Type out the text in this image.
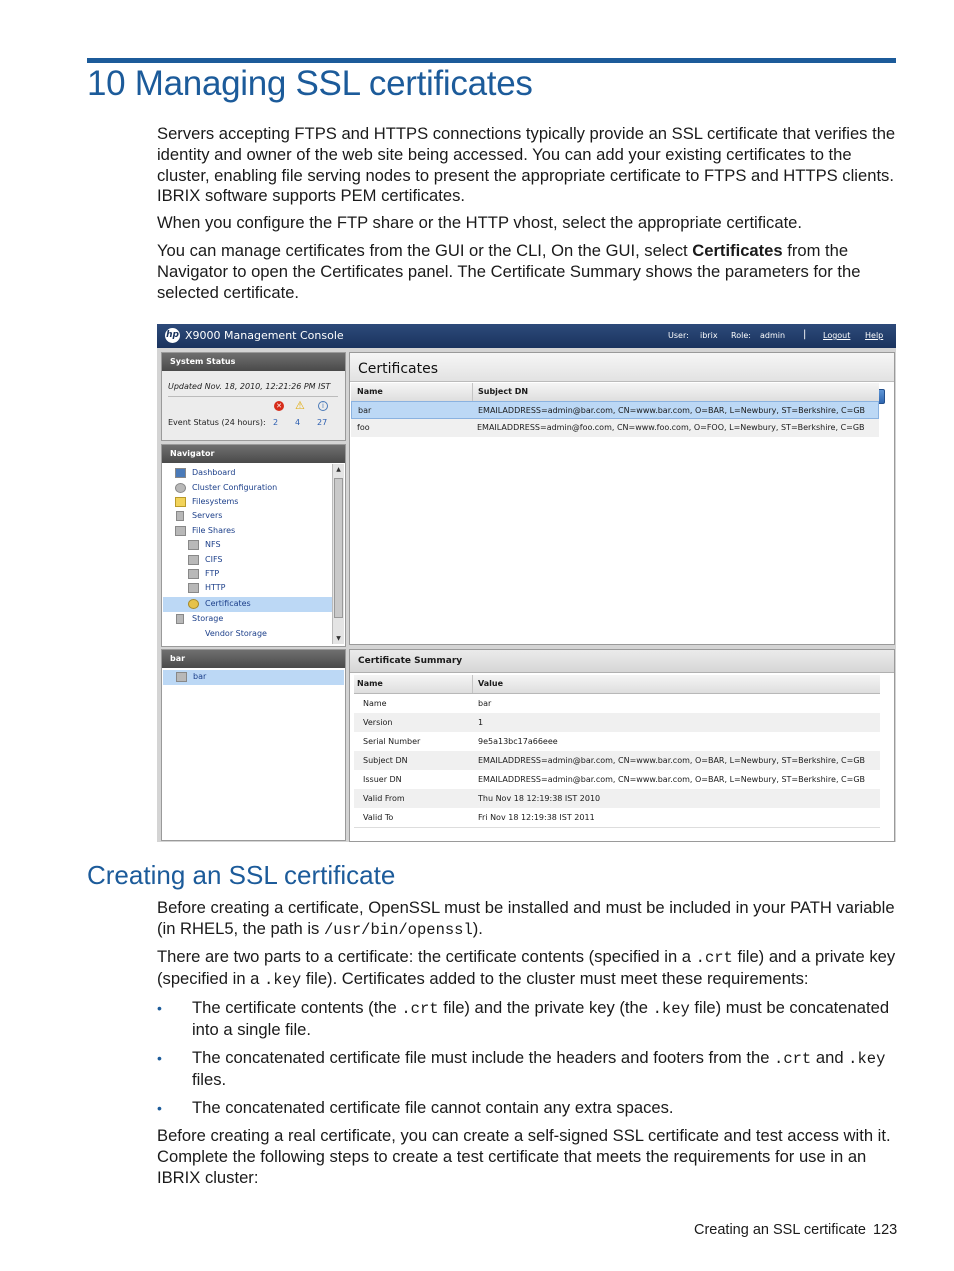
10 Managing SSL certificates
Servers accepting FTPS and HTTPS connections typically provide an SSL certificate that verifies the identity and owner of the web site being accessed. You can add your existing certificates to the cluster, enabling file serving nodes to present the appropriate certificate to FTPS and HTTPS clients. IBRIX software supports PEM certificates.
When you configure the FTP share or the HTTP vhost, select the appropriate certificate.
You can manage certificates from the GUI or the CLI, On the GUI, select Certificates from the Navigator to open the Certificates panel. The Certificate Summary shows the parameters for the selected certificate.
hp X9000 Management Console	User: ibrix Role: admin | Logout Help
System Status
Updated Nov. 18, 2010, 12:21:26 PM IST
✕ ⚠	i
Event Status (24 hours): 2 4 27
Navigator
Dashboard
Cluster Configuration
Filesystems
Servers
File Shares
NFS
CIFS
FTP
HTTP
Certificates
Storage
Vendor Storage
▲
▼
bar
bar
Certificates
Name	Subject DN
bar	EMAILADDRESS=admin@bar.com, CN=www.bar.com, O=BAR, L=Newbury, ST=Berkshire, C=GB
foo	EMAILADDRESS=admin@foo.com, CN=www.foo.com, O=FOO, L=Newbury, ST=Berkshire, C=GB
Certificate Summary
Name	Value
Name	bar
Version	1
Serial Number	9e5a13bc17a66eee
Subject DN	EMAILADDRESS=admin@bar.com, CN=www.bar.com, O=BAR, L=Newbury, ST=Berkshire, C=GB
Issuer DN	EMAILADDRESS=admin@bar.com, CN=www.bar.com, O=BAR, L=Newbury, ST=Berkshire, C=GB
Valid From	Thu Nov 18 12:19:38 IST 2010
Valid To	Fri Nov 18 12:19:38 IST 2011
Creating an SSL certificate
Before creating a certificate, OpenSSL must be installed and must be included in your PATH variable (in RHEL5, the path is /usr/bin/openssl).
There are two parts to a certificate: the certificate contents (specified in a .crt file) and a private key (specified in a .key file). Certificates added to the cluster must meet these requirements:
• The certificate contents (the .crt file) and the private key (the .key file) must be concatenated into a single file.
• The concatenated certificate file must include the headers and footers from the .crt and .key files.
• The concatenated certificate file cannot contain any extra spaces.
Before creating a real certificate, you can create a self-signed SSL certificate and test access with it. Complete the following steps to create a test certificate that meets the requirements for use in an IBRIX cluster:
Creating an SSL certificate 123
